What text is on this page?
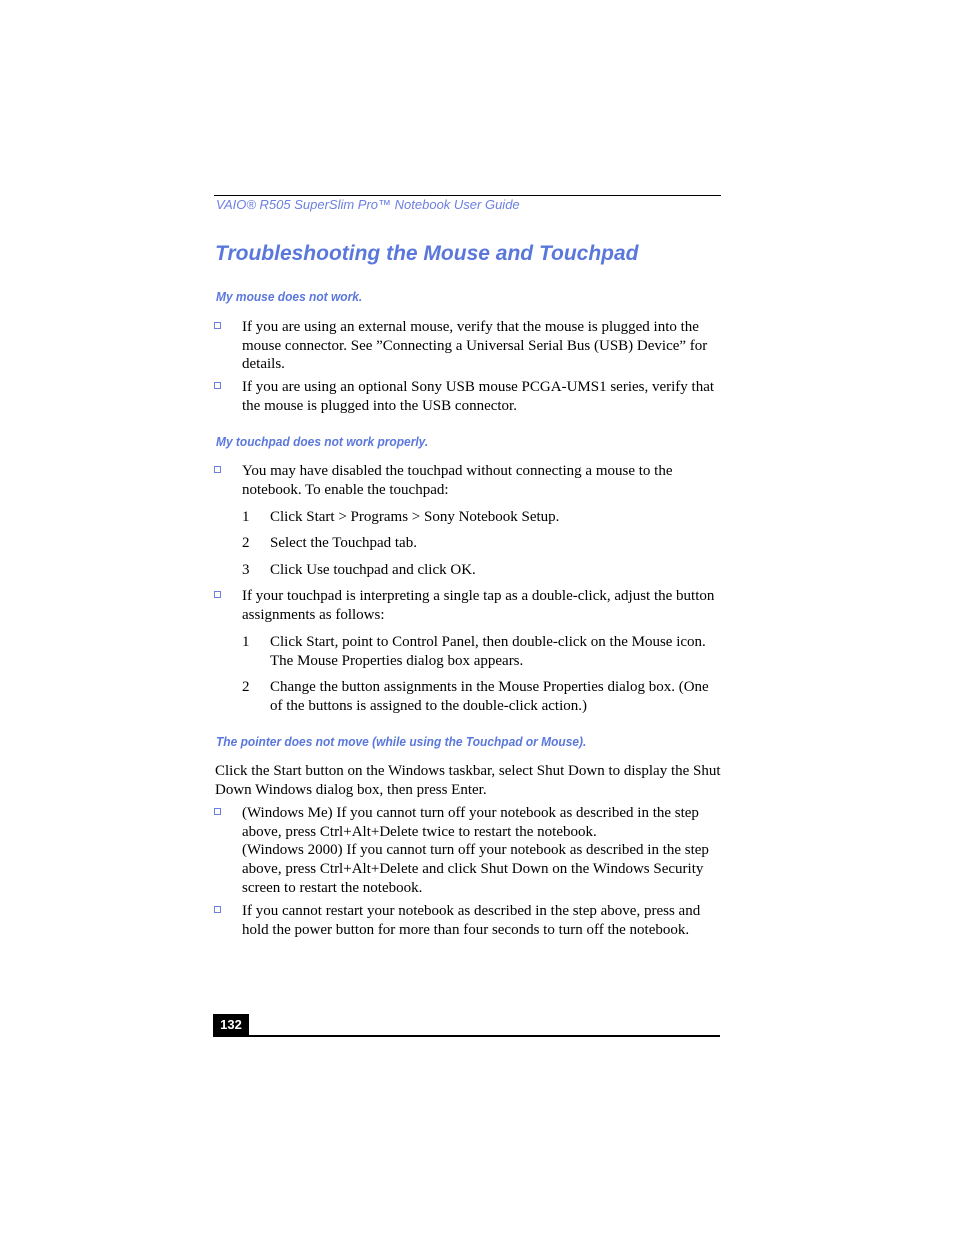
VAIO® R505 SuperSlim Pro™ Notebook User Guide
Troubleshooting the Mouse and Touchpad
My mouse does not work.
If you are using an external mouse, verify that the mouse is plugged into the mouse connector. See ”Connecting a Universal Serial Bus (USB) Device” for details.
If you are using an optional Sony USB mouse PCGA-UMS1 series, verify that the mouse is plugged into the USB connector.
My touchpad does not work properly.
You may have disabled the touchpad without connecting a mouse to the notebook. To enable the touchpad:
1 Click Start > Programs > Sony Notebook Setup.
2 Select the Touchpad tab.
3 Click Use touchpad and click OK.
If your touchpad is interpreting a single tap as a double-click, adjust the button assignments as follows:
1 Click Start, point to Control Panel, then double-click on the Mouse icon. The Mouse Properties dialog box appears.
2 Change the button assignments in the Mouse Properties dialog box. (One of the buttons is assigned to the double-click action.)
The pointer does not move (while using the Touchpad or Mouse).
Click the Start button on the Windows taskbar, select Shut Down to display the Shut Down Windows dialog box, then press Enter.
(Windows Me) If you cannot turn off your notebook as described in the step above, press Ctrl+Alt+Delete twice to restart the notebook.
(Windows 2000) If you cannot turn off your notebook as described in the step above, press Ctrl+Alt+Delete and click Shut Down on the Windows Security screen to restart the notebook.
If you cannot restart your notebook as described in the step above, press and hold the power button for more than four seconds to turn off the notebook.
132
